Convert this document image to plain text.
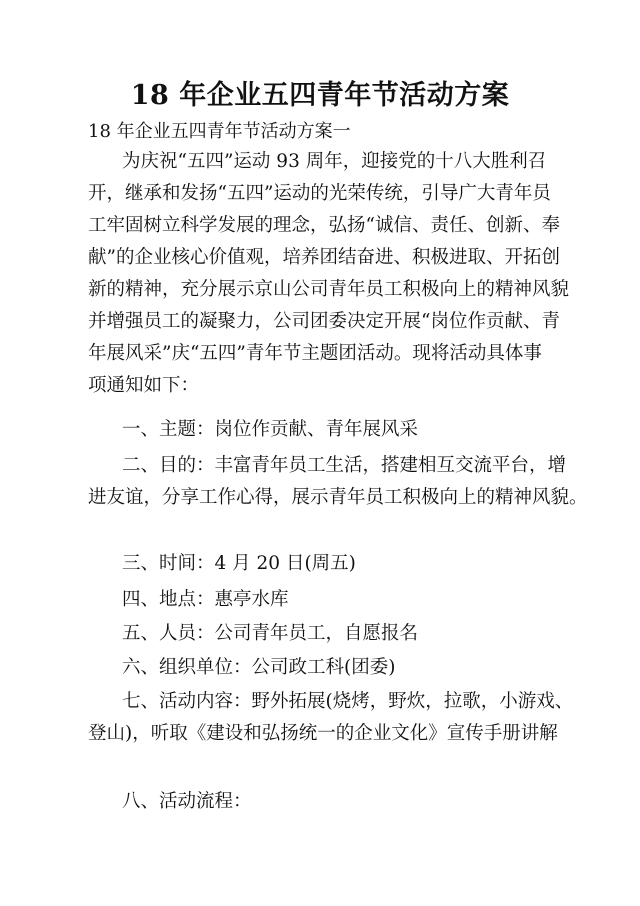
18 年企业五四青年节活动方案
18 年企业五四青年节活动方案一
为庆祝“五四”运动 93 周年，迎接党的十八大胜利召
开，继承和发扬“五四”运动的光荣传统，引导广大青年员
工牢固树立科学发展的理念，弘扬“诚信、责任、创新、奉
献”的企业核心价值观，培养团结奋进、积极进取、开拓创
新的精神，充分展示京山公司青年员工积极向上的精神风貌
并增强员工的凝聚力，公司团委决定开展“岗位作贡献、青
年展风采”庆“五四”青年节主题团活动。现将活动具体事
项通知如下：
一、主题：岗位作贡献、青年展风采
二、目的：丰富青年员工生活，搭建相互交流平台，增
进友谊，分享工作心得，展示青年员工积极向上的精神风貌。
三、时间：4 月 20 日(周五)
四、地点：惠亭水库
五、人员：公司青年员工，自愿报名
六、组织单位：公司政工科(团委)
七、活动内容：野外拓展(烧烤，野炊，拉歌，小游戏、
登山)，听取《建设和弘扬统一的企业文化》宣传手册讲解
八、活动流程：
